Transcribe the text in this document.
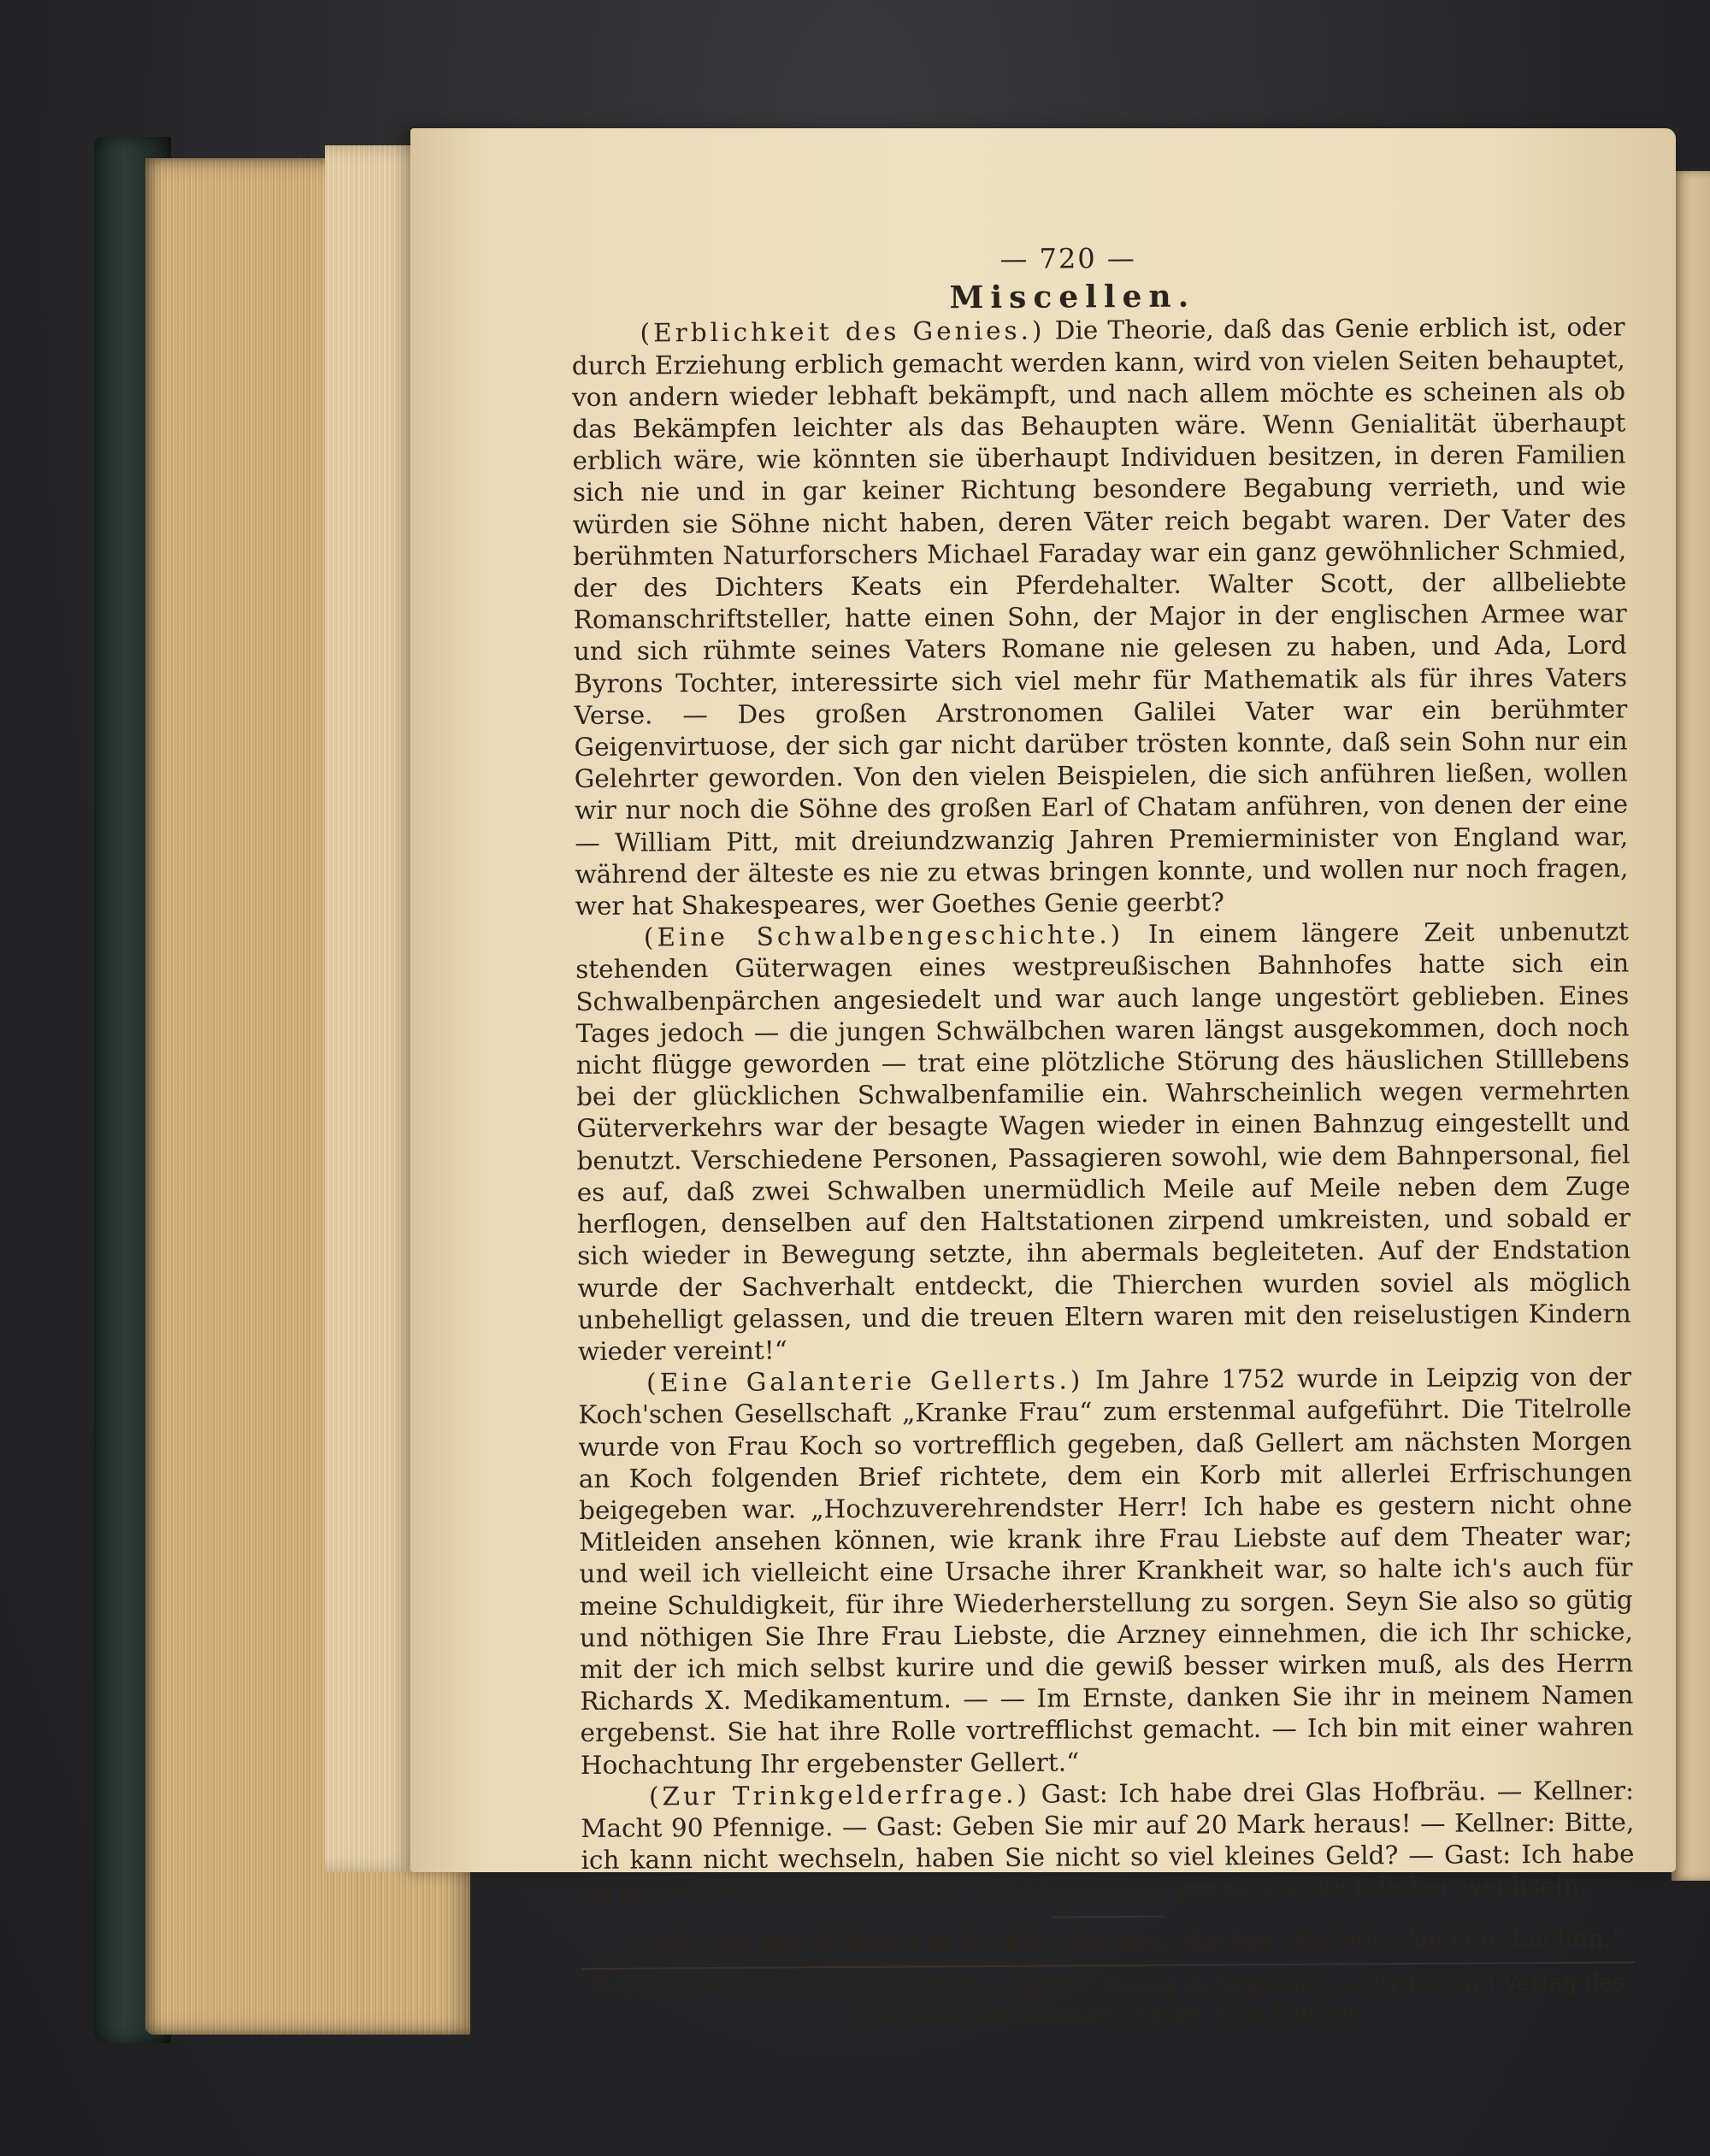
— 720 —
Miscellen.

(Erblichkeit des Genies.) Die Theorie, daß das Genie erblich ist, oder durch Erziehung erblich gemacht werden kann, wird von vielen Seiten behauptet, von andern wieder lebhaft bekämpft, und nach allem möchte es scheinen als ob das Bekämpfen leichter als das Behaupten wäre. Wenn Genialität überhaupt erblich wäre, wie könnten sie überhaupt Individuen besitzen, in deren Familien sich nie und in gar keiner Richtung besondere Begabung verrieth, und wie würden sie Söhne nicht haben, deren Väter reich begabt waren. Der Vater des berühmten Naturforschers Michael Faraday war ein ganz gewöhnlicher Schmied, der des Dichters Keats ein Pferdehalter. Walter Scott, der allbeliebte Romanschriftsteller, hatte einen Sohn, der Major in der englischen Armee war und sich rühmte seines Vaters Romane nie gelesen zu haben, und Ada, Lord Byrons Tochter, interessirte sich viel mehr für Mathematik als für ihres Vaters Verse. — Des großen Arstronomen Galilei Vater war ein berühmter Geigenvirtuose, der sich gar nicht darüber trösten konnte, daß sein Sohn nur ein Gelehrter geworden. Von den vielen Beispielen, die sich anführen ließen, wollen wir nur noch die Söhne des großen Earl of Chatam anführen, von denen der eine — William Pitt, mit dreiundzwanzig Jahren Premierminister von England war, während der älteste es nie zu etwas bringen konnte, und wollen nur noch fragen, wer hat Shakespeares, wer Goethes Genie geerbt?

(Eine Schwalbengeschichte.) In einem längere Zeit unbenutzt stehenden Güterwagen eines westpreußischen Bahnhofes hatte sich ein Schwalbenpärchen angesiedelt und war auch lange ungestört geblieben. Eines Tages jedoch — die jungen Schwälbchen waren längst ausgekommen, doch noch nicht flügge geworden — trat eine plötzliche Störung des häuslichen Stilllebens bei der glücklichen Schwalbenfamilie ein. Wahrscheinlich wegen vermehrten Güterverkehrs war der besagte Wagen wieder in einen Bahnzug eingestellt und benutzt. Verschiedene Personen, Passagieren sowohl, wie dem Bahnpersonal, fiel es auf, daß zwei Schwalben unermüdlich Meile auf Meile neben dem Zuge herflogen, denselben auf den Haltstationen zirpend umkreisten, und sobald er sich wieder in Bewegung setzte, ihn abermals begleiteten. Auf der Endstation wurde der Sachverhalt entdeckt, die Thierchen wurden soviel als möglich unbehelligt gelassen, und die treuen Eltern waren mit den reiselustigen Kindern wieder vereint!“

(Eine Galanterie Gellerts.) Im Jahre 1752 wurde in Leipzig von der Koch'schen Gesellschaft „Kranke Frau“ zum erstenmal aufgeführt. Die Titelrolle wurde von Frau Koch so vortrefflich gegeben, daß Gellert am nächsten Morgen an Koch folgenden Brief richtete, dem ein Korb mit allerlei Erfrischungen beigegeben war. „Hochzuverehrendster Herr! Ich habe es gestern nicht ohne Mitleiden ansehen können, wie krank ihre Frau Liebste auf dem Theater war; und weil ich vielleicht eine Ursache ihrer Krankheit war, so halte ich's auch für meine Schuldigkeit, für ihre Wiederherstellung zu sorgen. Seyn Sie also so gütig und nöthigen Sie Ihre Frau Liebste, die Arzney einnehmen, die ich Ihr schicke, mit der ich mich selbst kurire und die gewiß besser wirken muß, als des Herrn Richards X. Medikamentum. — — Im Ernste, danken Sie ihr in meinem Namen ergebenst. Sie hat ihre Rolle vortrefflichst gemacht. — Ich bin mit einer wahren Hochachtung Ihr ergebenster Gellert.“

(Zur Trinkgelderfrage.) Gast: Ich habe drei Glas Hofbräu. — Kellner: Macht 90 Pfennige. — Gast: Geben Sie mir auf 20 Mark heraus! — Kellner: Bitte, ich kann nicht wechseln, haben Sie nicht so viel kleines Geld? — Gast: Ich habe da gerade noch 90 Pfennige. — Kellner: Dann werde ich doch lieber wechseln.

Auflösung des Räthsels in Nr. 89: „Wachen. Nachen. Rachen. Aachen. Lachen.“
Für die Redaktion verantwortlich: Alphons Planer in Augsburg. — Druck und Verlag des
Literarischen Instituts von Dr. Max Huttler.
